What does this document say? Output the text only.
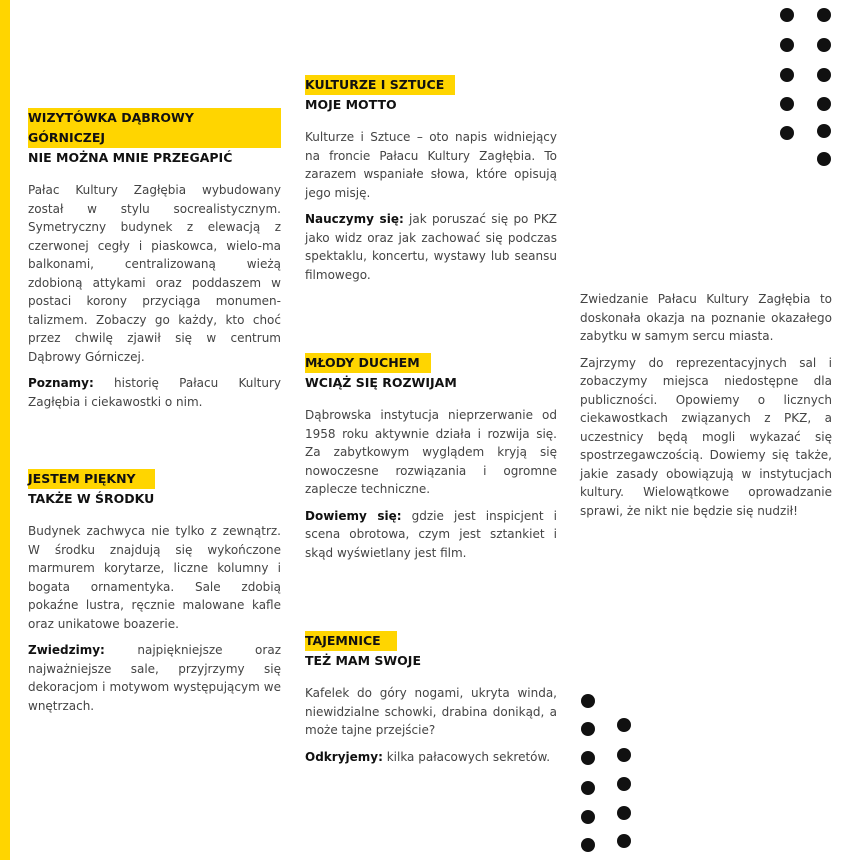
WIZYTÓWKA DĄBROWY GÓRNICZEJ
NIE MOŻNA MNIE PRZEGAPIĆ

Pałac Kultury Zagłębia wybudowany został w stylu socrealistycznym. Symetryczny budynek z elewacją z czerwonej cegły i piaskowca, wielo-ma balkonami, centralizowaną wieżą zdobioną attykami oraz poddaszem w postaci korony przyciąga monumen-talizmem. Zobaczy go każdy, kto choć przez chwilę zjawił się w centrum Dąbrowy Górniczej.

Poznamy: historię Pałacu Kultury Zagłębia i ciekawostki o nim.

JESTEM PIĘKNY
TAKŻE W ŚRODKU

Budynek zachwyca nie tylko z zewnątrz. W środku znajdują się wykończone marmurem korytarze, liczne kolumny i bogata ornamentyka. Sale zdobią pokaźne lustra, ręcznie malowane kafle oraz unikatowe boazerie.

Zwiedzimy: najpiękniejsze oraz najważniejsze sale, przyjrzymy się dekoracjom i motywom występującym we wnętrzach.

KULTURZE I SZTUCE
MOJE MOTTO

Kulturze i Sztuce – oto napis widniejący na froncie Pałacu Kultury Zagłębia. To zarazem wspaniałe słowa, które opisują jego misję.

Nauczymy się: jak poruszać się po PKZ jako widz oraz jak zachować się podczas spektaklu, koncertu, wystawy lub seansu filmowego.

MŁODY DUCHEM
WCIĄŻ SIĘ ROZWIJAM

Dąbrowska instytucja nieprzerwanie od 1958 roku aktywnie działa i rozwija się. Za zabytkowym wyglądem kryją się nowoczesne rozwiązania i ogromne zaplecze techniczne.

Dowiemy się: gdzie jest inspicjent i scena obrotowa, czym jest sztankiet i skąd wyświetlany jest film.

TAJEMNICE
TEŻ MAM SWOJE

Kafelek do góry nogami, ukryta winda, niewidzialne schowki, drabina donikąd, a może tajne przejście?

Odkryjemy: kilka pałacowych sekretów.

Zwiedzanie Pałacu Kultury Zagłębia to doskonała okazja na poznanie okazałego zabytku w samym sercu miasta.

Zajrzymy do reprezentacyjnych sal i zobaczymy miejsca niedostępne dla publiczności. Opowiemy o licznych ciekawostkach związanych z PKZ, a uczestnicy będą mogli wykazać się spostrzegawczością. Dowiemy się także, jakie zasady obowiązują w instytucjach kultury. Wielowątkowe oprowadzanie sprawi, że nikt nie będzie się nudził!
